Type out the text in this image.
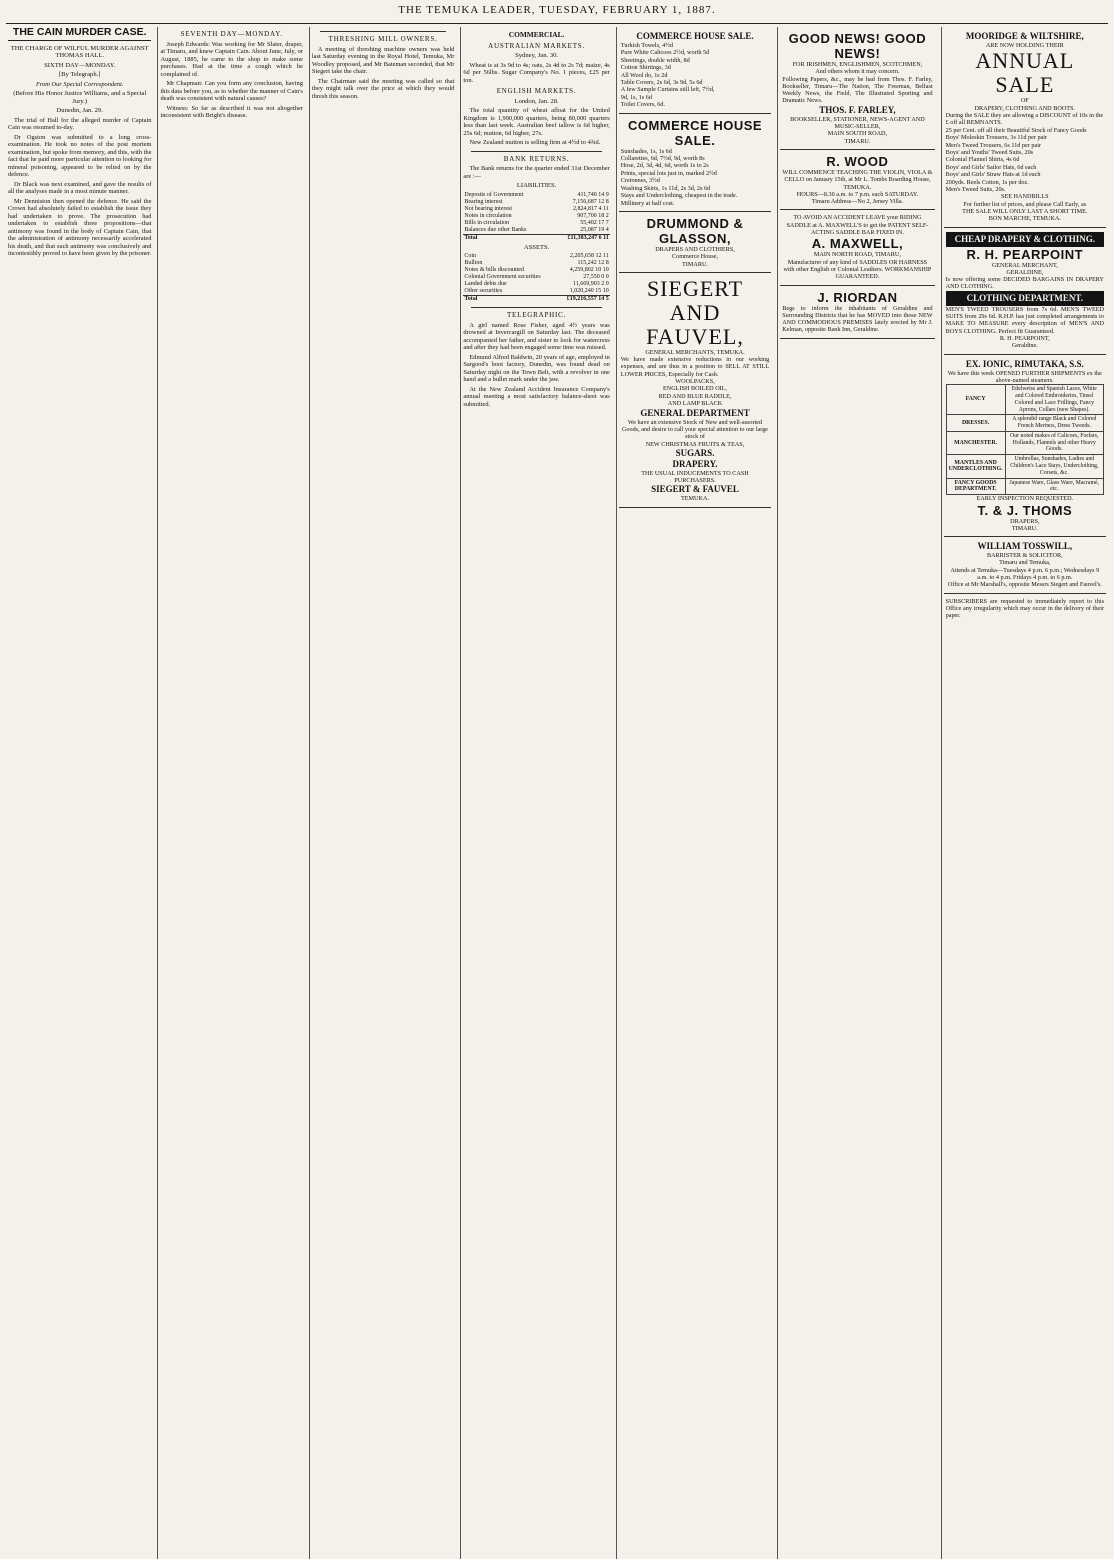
THE TEMUKA LEADER, TUESDAY, FEBRUARY 1, 1887.
THE CAIN MURDER CASE.
THE CHARGE OF WILFUL MURDER AGAINST THOMAS HALL.
SIXTH DAY—MONDAY.
[By Telegraph.]
From Our Special Correspondent.
(Before His Honor Justice Williams, and a Special Jury.)
Dunedin, Jan. 29.

The trial of Hall for the alleged murder of Captain Cain was resumed to-day.

Dr Ogston was submitted to a long cross-examination. He took no notes of the post mortem examination, but spoke from memory, and this, with the fact that he paid more particular attention to looking for mineral poisoning, appeared to be relied on by the defence.

Dr Black was next examined, and gave the results of all the analyses made in a most minute manner.

Mr Denniston then opened the defence. He said the Crown had absolutely failed to establish the issue they had undertaken to prove. The prosecution had undertaken to establish three propositions—that antimony was found in the body of Captain Cain, that the administration of antimony necessarily accelerated his death, and that such antimony was conclusively and incontestibly proved to have been given by the prisoner.

SEVENTH DAY—MONDAY.

Joseph Edwards: Was working for Mr Slater, draper, at Timaru, and knew Captain Cain. About June, July, or August, 1885, he came to the shop to make some purchases. Had at the time a cough which he complained of.

Mr Chapman: Can you form any conclusion, having this data before you, as to whether the manner of Cain's death was consistent with natural causes?

Witness: So far as described it was not altogether inconsistent with Bright's disease.

THRESHING MILL OWNERS.

A meeting of threshing machine owners was held last Saturday evening in the Royal Hotel, Temuka, Mr Woodley proposed, and Mr Bateman seconded, that Mr Siegert take the chair.

The Chairman said the meeting was called so that they might talk over the price at which they would thresh this season.

COMMERCIAL.
AUSTRALIAN MARKETS.
Sydney, Jan. 30.

Wheat is at 3s 9d to 4s; oats, 2s 4d to 2s 7d; maize, 4s 6d per 56lbs. Sugar Company's No. 1 pieces, £25 per ton.

ENGLISH MARKETS.
London, Jan. 28.

The total quantity of wheat afloat for the United Kingdom is 1,990,000 quarters, being 80,000 quarters less than last week. Australian beef tallow is 6d higher, 25s 6d; mutton, 6d higher, 27s.

New Zealand mutton is selling firm at 4½d to 4¾d.

BANK RETURNS.

The Bank returns for the quarter ended 31st December are :—

LIABILITIES.
Deposits of Government	411,740 14 9
Bearing interest	7,156,687 12 8
Not bearing interest	2,824,817 4 11
Notes in circulation	907,700 18 2
Bills in circulation	55,402 17 7
Balances due other Banks	25,087 19 4
Total	£11,383,247 6 11
ASSETS.
Coin	2,205,658 12 11
Bullion	115,242 12 8
Notes & bills discounted	4,259,802 10 10
Colonial Government securities	27,550 0 0
Landed debts due	11,669,903 2 0
Other securities	1,020,240 15 10
Total	£19,216,557 14 5
TELEGRAPHIC.

A girl named Rose Fisher, aged 4½ years was drowned at Invercargill on Saturday last. The deceased accompanied her father, and sister to look for watercress and after they had been engaged some time was missed.

Edmund Alfred Baldwin, 20 years of age, employed in Sargood's boot factory, Dunedin, was found dead on Saturday night on the Town Belt, with a revolver in one hand and a bullet mark under the jaw.

At the New Zealand Accident Insurance Company's annual meeting a most satisfactory balance-sheet was submitted.

COMMERCE HOUSE SALE.
Turkish Towels, 4½d
Pure White Calicoes 2½d, worth 5d
Sheetings, double width, 8d
Cotton Shirtings, 3d
All Wool do, 1s 2d
Table Covers, 2s 6d, 3s 9d, 5s 6d
A few Sample Curtains still left, 7½d,
9d, 1s, 1s 6d
Toilet Covers, 6d.
COMMERCE HOUSE SALE.
Sunshades, 1s, 1s 6d
Collarettes, 6d, 7½d, 9d, worth 8s
Hose, 2d, 3d, 4d, 6d, worth 1s to 2s
Prints, special lots just in, marked 2½d
Cretonnes, 3½d
Washing Skirts, 1s 11d, 2s 3d, 2s 6d
Stays and Underclothing, cheapest in the trade.
Millinery at half cost.
DRUMMOND & GLASSON,
DRAPERS AND CLOTHIERS,
Commerce House,
TIMARU.
SIEGERT AND FAUVEL,
GENERAL MERCHANTS, TEMUKA.
We have made extensive reductions in our working expenses, and are thus in a position to SELL AT STILL LOWER PRICES, Especially for Cash.
WOOLPACKS,
ENGLISH BOILED OIL,
RED AND BLUE RADDLE,
AND LAMP BLACK
GENERAL DEPARTMENT
We have an extensive Stock of New and well-assorted Goods, and desire to call your special attention to our large stock of
NEW CHRISTMAS FRUITS & TEAS,
SUGARS.
DRAPERY.
THE USUAL INDUCEMENTS TO CASH PURCHASERS.
SIEGERT & FAUVEL
TEMUKA.
GOOD NEWS! GOOD NEWS!
FOR IRISHMEN, ENGLISHMEN, SCOTCHMEN,
And others whom it may concern.
Following Papers, &c., may be had from Thos. F. Farley, Bookseller, Timaru—The Nation, The Freeman, Belfast Weekly News, the Field, The Illustrated Sporting and Dramatic News.
THOS. F. FARLEY,
BOOKSELLER, STATIONER, NEWS-AGENT AND MUSIC-SELLER,
MAIN SOUTH ROAD,
TIMARU.
R. WOOD
WILL COMMENCE TEACHING THE VIOLIN, VIOLA & CELLO on January 15th, at Mr L. Tombs Boarding House, TEMUKA.
HOURS—8.30 a.m. to 7 p.m. each SATURDAY.
Timaru Address—No 2, Jersey Villa.
TO AVOID AN ACCIDENT LEAVE your RIDING SADDLE at A. MAXWELL'S to get the PATENT SELF-ACTING SADDLE BAR FIXED IN.
A. MAXWELL,
MAIN NORTH ROAD, TIMARU,
Manufacturer of any kind of SADDLES OR HARNESS with other English or Colonial Leathers. WORKMANSHIP GUARANTEED.
J. RIORDAN
Begs to inform the inhabitants of Geraldine and Surrounding Districts that he has MOVED into those NEW AND COMMODIOUS PREMISES lately erected by Mr J. Kelman, opposite Bank Inn, Geraldine.
MOORIDGE & WILTSHIRE,
ARE NOW HOLDING THEIR
ANNUAL SALE
OF
DRAPERY, CLOTHING AND BOOTS.
During the SALE they are allowing a DISCOUNT of 10s in the £ off all REMNANTS.
25 per Cent. off all their Beautiful Stock of Fancy Goods
Boys' Moleskin Trousers, 3s 11d per pair
Men's Tweed Trousers, 6s 11d per pair
Boys' and Youths' Tweed Suits, 20s
Colonial Flannel Shirts, 4s 6d
Boys' and Girls' Sailor Hats, 6d each
Boys' and Girls' Straw Hats at 1d each
200yds. Reels Cotton, 1s per doz.
Men's Tweed Suits, 20s.
SEE HANDBILLS
For further list of prices, and please Call Early, as
THE SALE WILL ONLY LAST A SHORT TIME.
BON MARCHE, TEMUKA.
CHEAP DRAPERY & CLOTHING.
R. H. PEARPOINT
GENERAL MERCHANT,
GERALDINE,
Is now offering some DECIDED BARGAINS IN DRAPERY AND CLOTHING.
CLOTHING DEPARTMENT.
MEN'S TWEED TROUSERS from 7s 6d. MEN'S TWEED SUITS from 29s 6d. R.H.P. has just completed arrangements to MAKE TO MEASURE every description of MEN'S AND BOYS CLOTHING. Perfect fit Guaranteed.
R. H. PEARPOINT,
Geraldine.
EX. IONIC, RIMUTAKA, S.S.
We have this week OPENED FURTHER SHIPMENTS ex the above-named steamers.
FANCY	Edelweiss and Spanish Laces, White and Colored Embroideries, Tinsel Colored and Lace Frillings, Fancy Aprons, Collars (new Shapes).
DRESSES.	A splendid range Black and Colored French Merinos, Dress Tweeds.
MANCHESTER.	Our noted makes of Calicoes, Forfars, Hollands, Flannels and other Heavy Goods.
MANTLES AND UNDERCLOTHING.	Umbrellas, Sunshades, Ladies and Children's Lace Stays, Underclothing, Corsets, &c.
FANCY GOODS DEPARTMENT.	Japanese Ware, Glass Ware, Macramé, etc.
EARLY INSPECTION REQUESTED.
T. & J. THOMS
DRAPERS,
TIMARU.
WILLIAM TOSSWILL,
BARRISTER & SOLICITOR,
Timaru and Temuka,
Attends at Temuka—Tuesdays 4 p.m. 6 p.m.; Wednesdays 9 a.m. to 4 p.m. Fridays 4 p.m. to 6 p.m.
Office at Mr Marshall's, opposite Messrs Siegert and Fauvel's.
SUBSCRIBERS are requested to immediately report to this Office any irregularity which may occur in the delivery of their paper.
